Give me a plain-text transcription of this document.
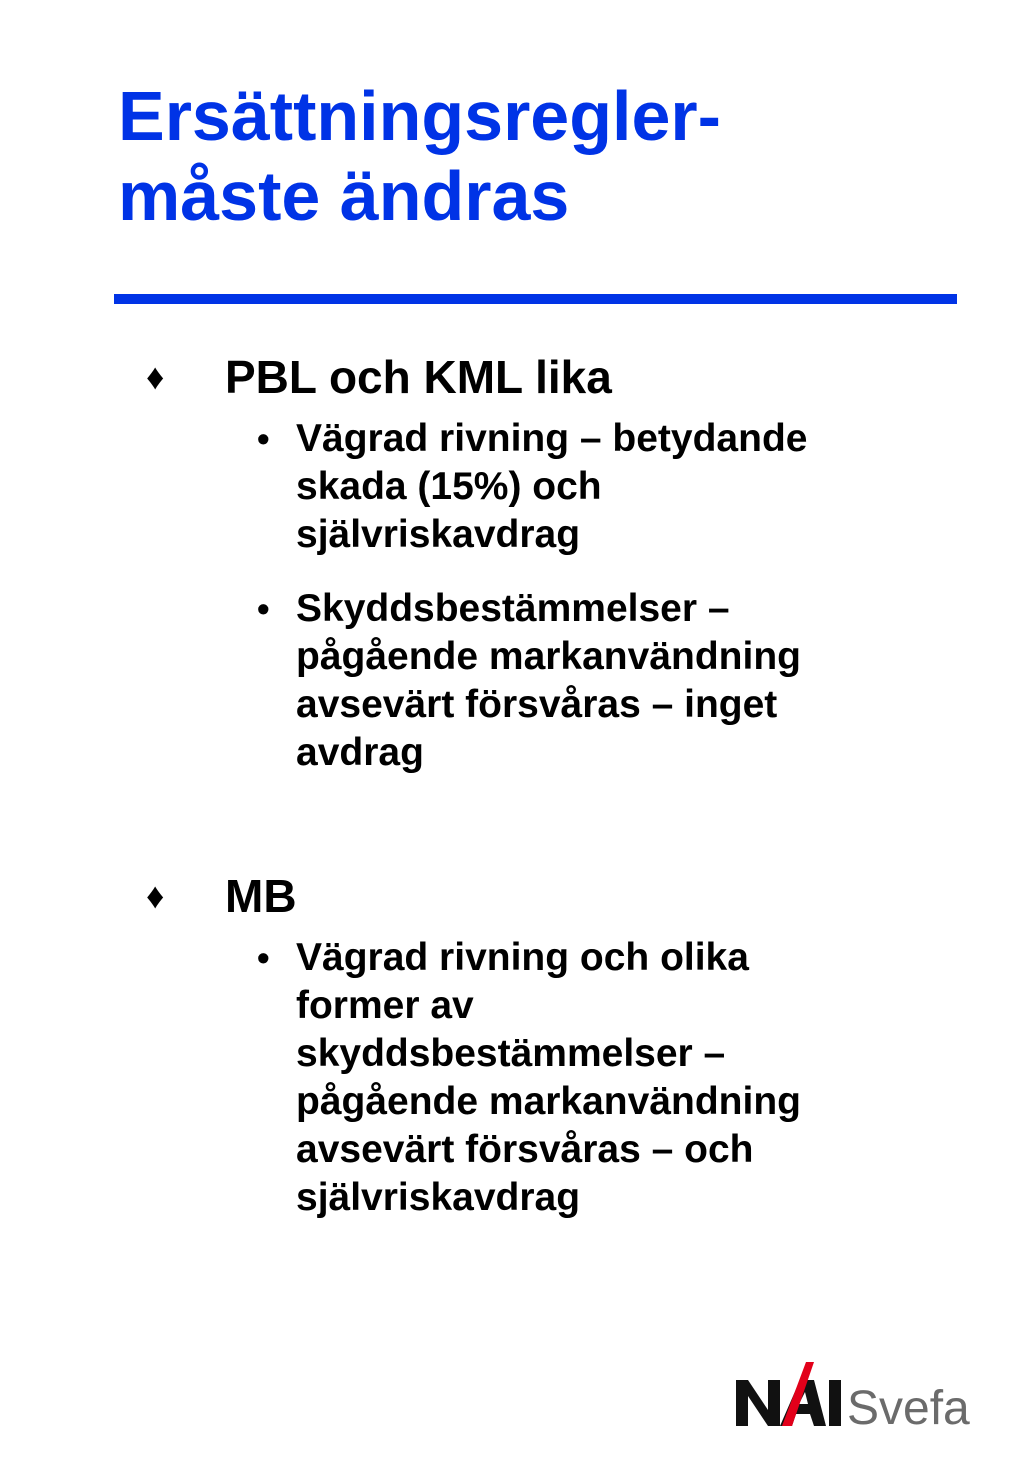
Ersättningsregler-
måste ändras
♦ PBL och KML lika
• Vägrad rivning – betydande
skada (15%) och
självriskavdrag
• Skyddsbestämmelser –
pågående markanvändning
avsevärt försvåras – inget
avdrag
♦ MB
• Vägrad rivning och olika
former av
skyddsbestämmelser –
pågående markanvändning
avsevärt försvåras – och
självriskavdrag
Svefa
